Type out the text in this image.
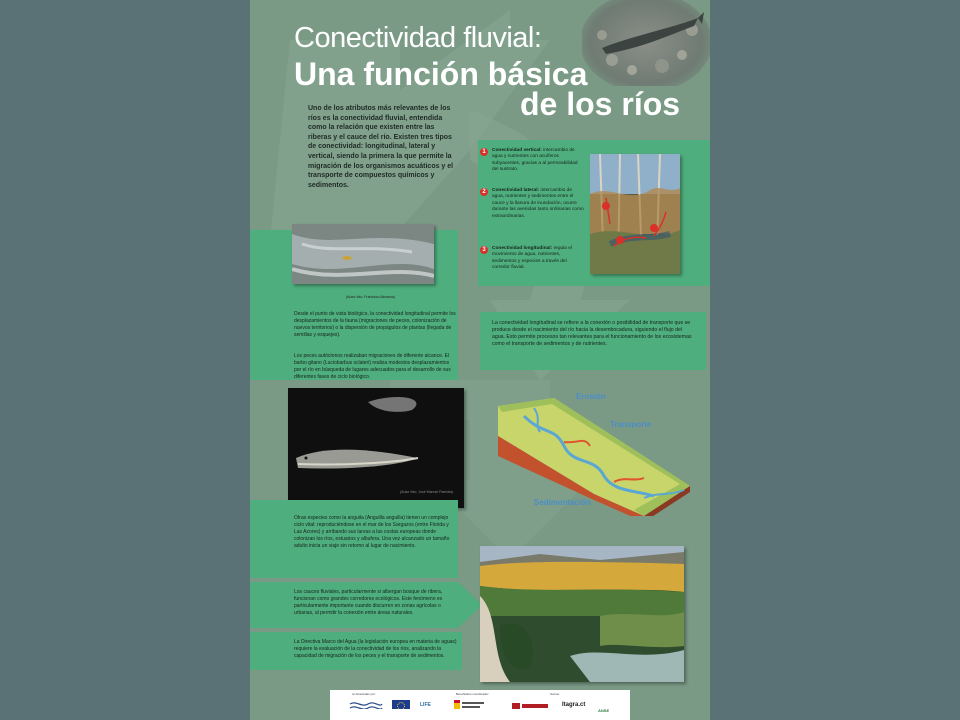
Conectividad fluvial:
Una función básica
de los ríos
Uno de los atributos más relevantes de los ríos es la conectividad fluvial, entendida como la relación que existen entre las riberas y el cauce del río. Existen tres tipos de conectividad: longitudinal, lateral y vertical, siendo la primera la que permite la migración de los organismos acuáticos y el transporte de compuestos químicos y sedimentos.
(Autor foto: Francisco Almansa)
Desde el punto de vista biológico, la conectividad longitudinal permite los desplazamientos de la fauna (migraciones de peces, colonización de nuevos territorios) o la dispersión de propágulos de plantas (llegada de semillas y esquejes).
Los peces autóctonos realizaban migraciones de diferente alcance. El barbo gitano (Luciobarbus sclateri) realiza modestos desplazamientos por el río en búsqueda de lugares adecuados para el desarrollo de sus diferentes fases de ciclo biológico.
(Autor foto: José Manuel Paredes)
Otras especies como la anguila (Anguilla anguilla) tienen un complejo ciclo vital: reproduciéndose en el mar de los Sargazos (entre Florida y Las Azores) y arribando sus larvas a las costas europeas donde colonizan los ríos, estuarios y albufera. Una vez alcanzado un tamaño adulto inicia un viaje sin retorno al lugar de nacimiento.
Los cauces fluviales, particularmente si albergan bosque de ribera, funcionan como grandes corredores ecológicos. Este fenómeno es particularmente importante cuando discurren en zonas agrícolas o urbanas, al permitir la conexión entre áreas naturales.
La Directiva Marco del Agua (la legislación europea en materia de aguas) requiere la evaluación de la conectividad de los ríos, analizando la capacidad de migración de los peces y el transporte de sedimentos.
1	Conectividad vertical: intercambio de agua y nutrientes con acuíferos subyacentes, gracias a al permeabilidad del sustrato.
2	Conectividad lateral: intercambio de agua, nutrientes y sedimentos entre el cauce y la llanura de inundación, ocurre durante las avenidas tanto ordinarias como extraordinarias.
3	Conectividad longitudinal: regula el movimiento de agua, nutrientes, sedimentos y especies a través del corredor fluvial.
La conectividad longitudinal se refiere a la conexión o posibilidad de transporte que se produce desde el nacimiento del río hacia la desembocadura, siguiendo el flujo del agua. Esto permite procesos tan relevantes para el funcionamiento de los ecosistemas como el transporte de sedimentos y de nutrientes.
Erosión
Transporte
Sedimentación
co-financiado por:
LIFE
Beneficiario coordinador:	Socios:
Itagra.ct
ANSE
